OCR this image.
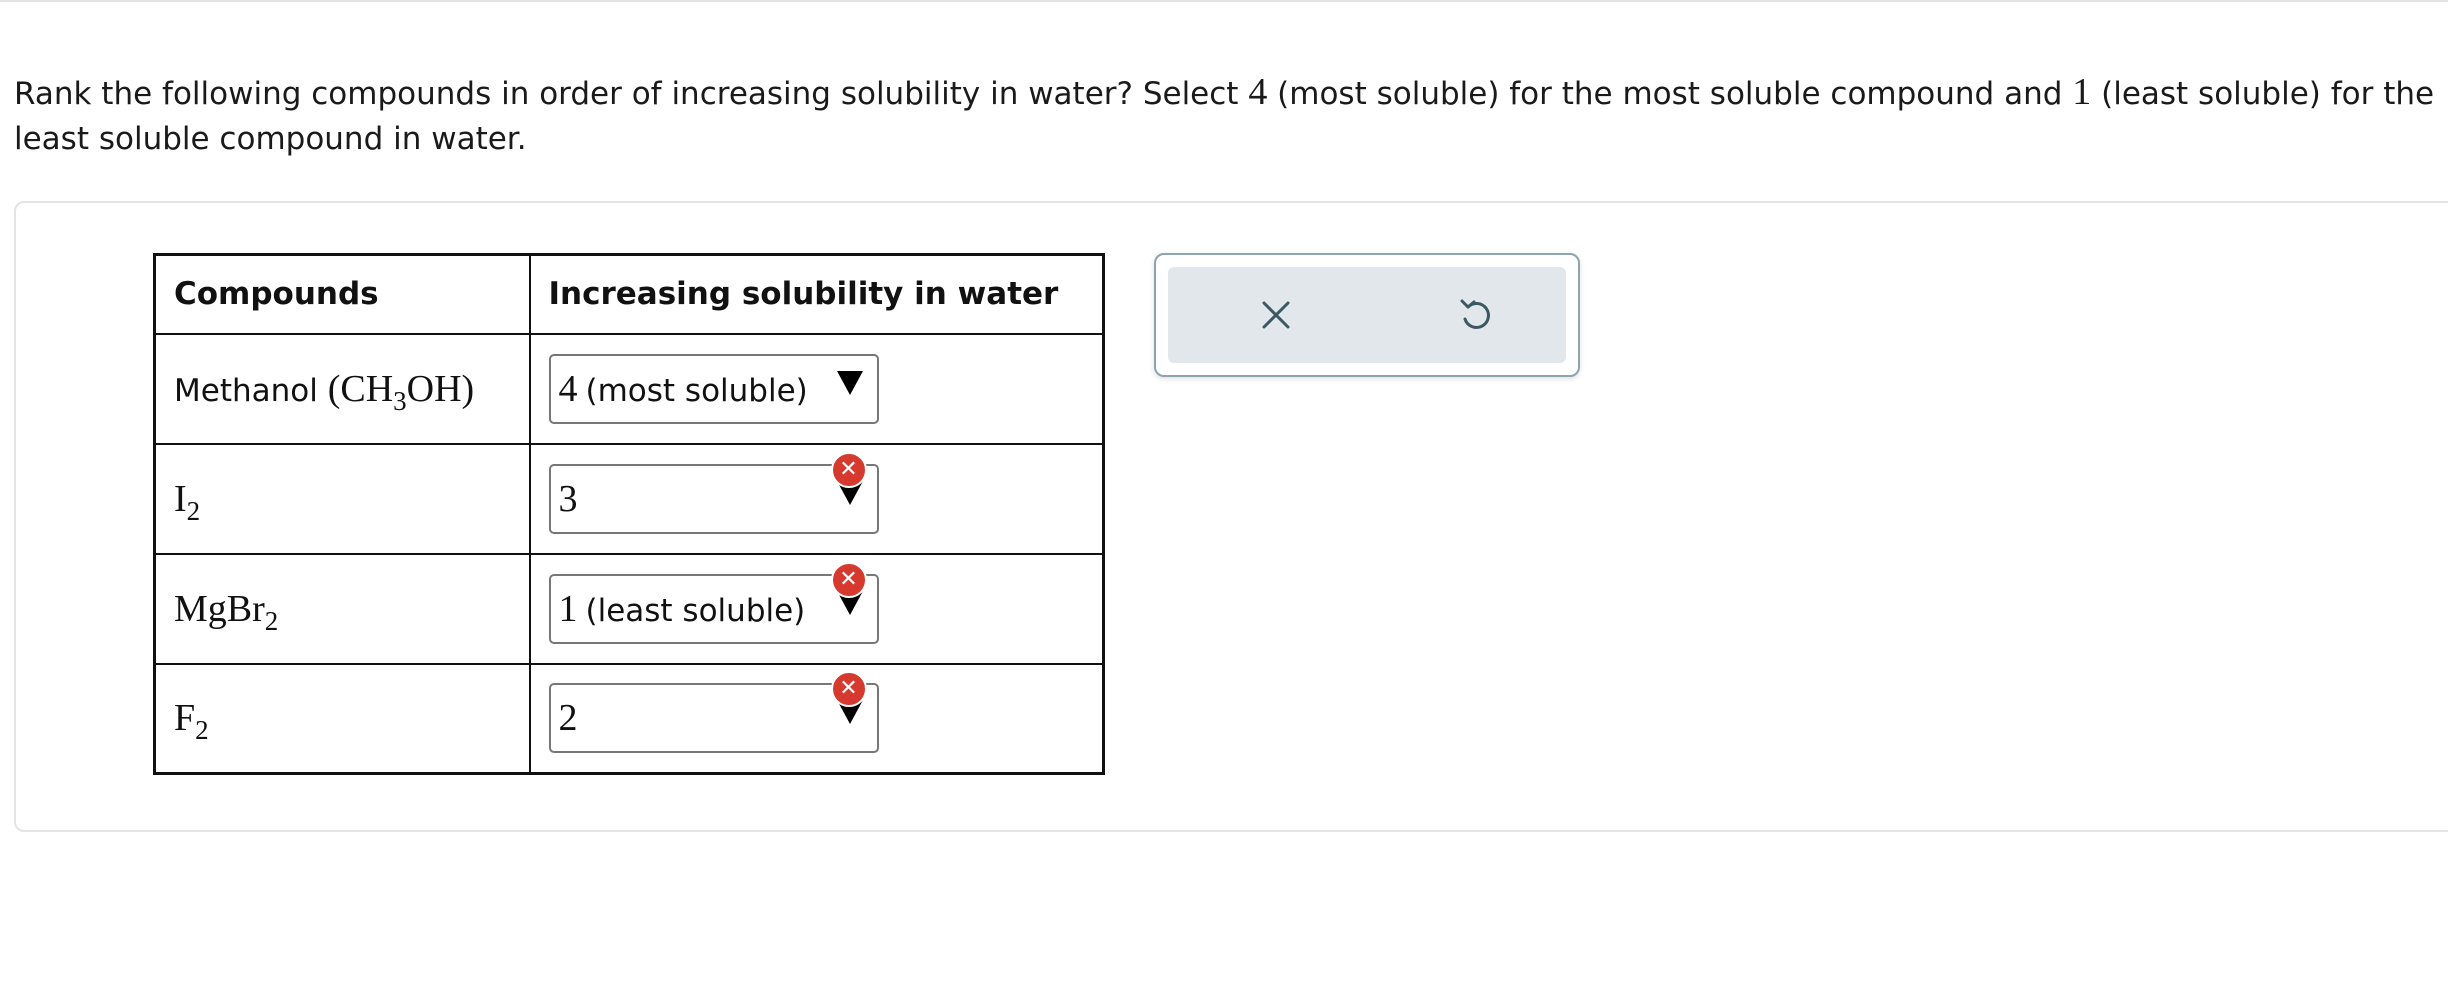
Rank the following compounds in order of increasing solubility in water? Select 4 (most soluble) for the most soluble compound and 1 (least soluble) for the least soluble compound in water.
Compounds	Increasing solubility in water
Methanol $(CH_3OH)$	4 (most soluble)

$I_2$	3
✕

MgBr$_2$	1 (least soluble)
✕

$F_2$	2
✕
